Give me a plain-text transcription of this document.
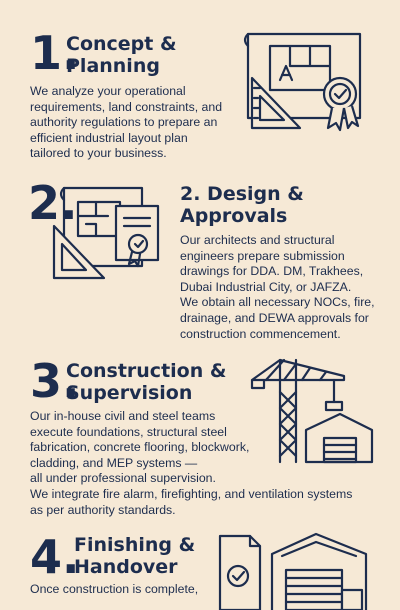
1.
Concept &
Planning
We analyze your operational
requirements, land constraints, and
authority regulations to prepare an
efficient industrial layout plan
tailored to your business.
2.	2. Design &
Approvals
Our architects and structural
engineers prepare submission
drawings for DDA. DM, Trakhees,
Dubai Industrial City, or JAFZA.
We obtain all necessary NOCs, fire,
drainage, and DEWA approvals for
construction commencement.
3.
Construction &
Supervision
Our in-house civil and steel teams
execute foundations, structural steel
fabrication, concrete flooring, blockwork,
cladding, and MEP systems —
all under professional supervision.
We integrate fire alarm, firefighting, and ventilation systems
as per authority standards.
4.
Finishing &
Handover
Once construction is complete,
